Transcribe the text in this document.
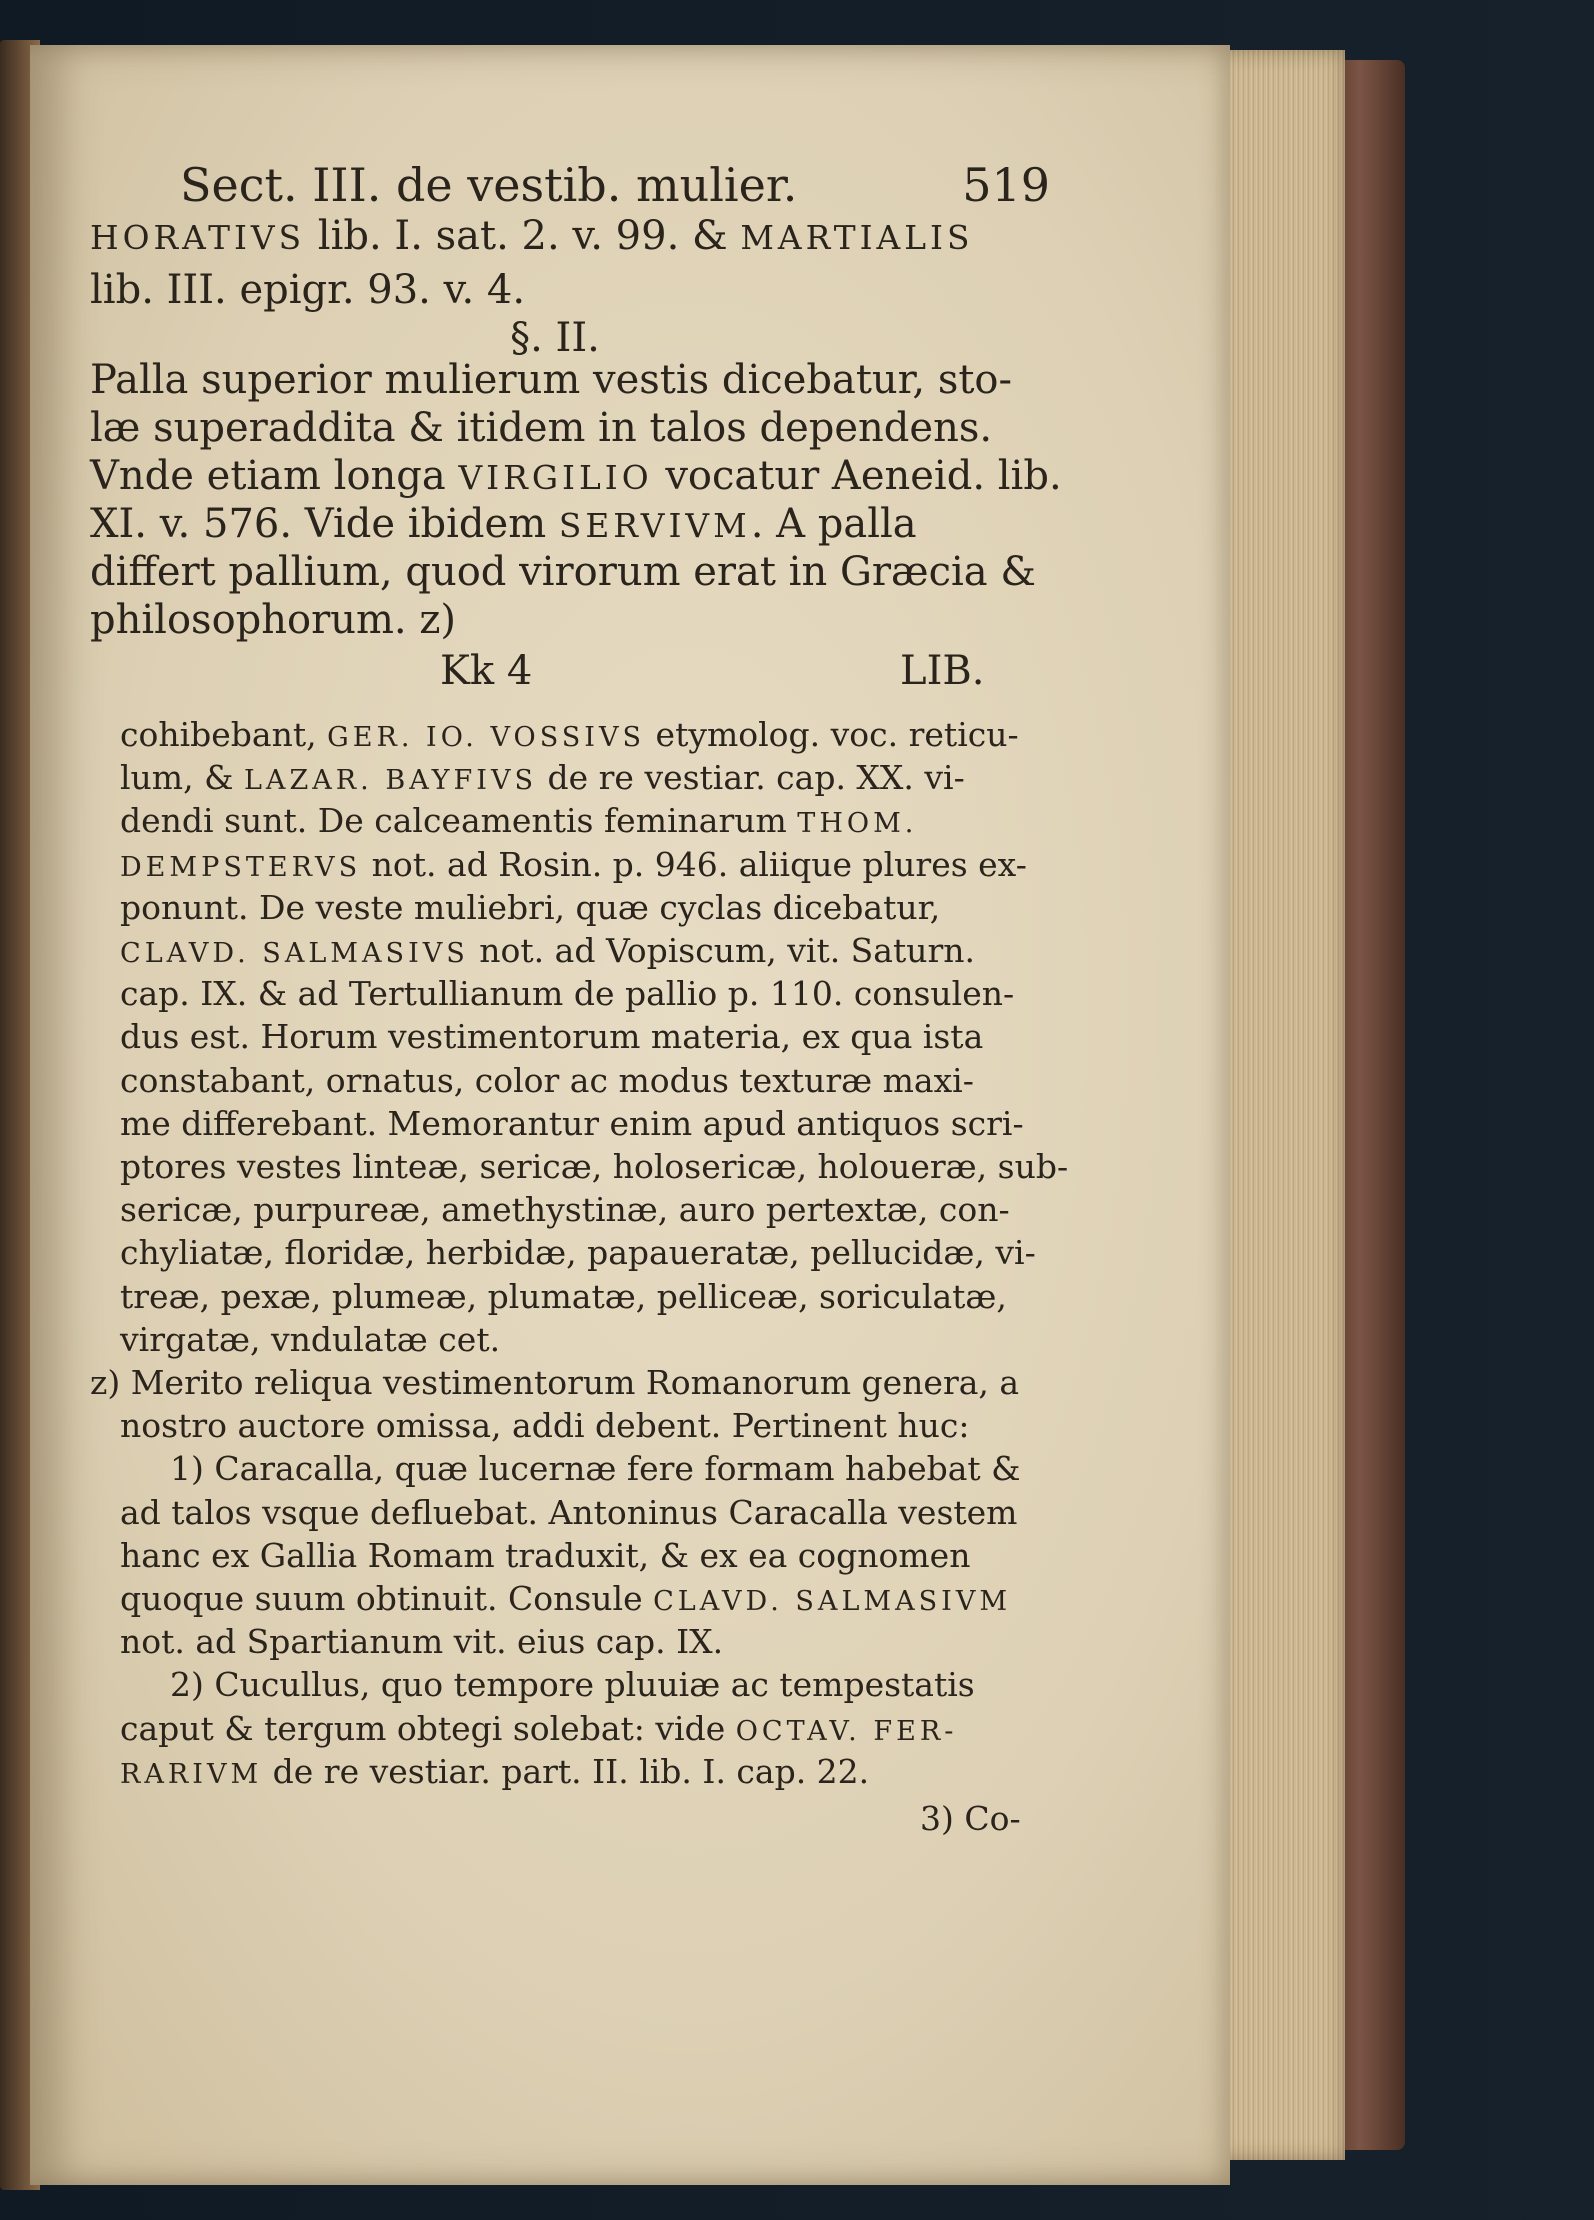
Sect. III. de vestib. mulier.	519
HORATIVS lib. I. sat. 2. v. 99. & MARTIALIS
lib. III. epigr. 93. v. 4.
§. II.
Palla superior mulierum vestis dicebatur, sto-
læ superaddita & itidem in talos dependens.
Vnde etiam longa VIRGILIO vocatur Aeneid. lib.
XI. v. 576. Vide ibidem SERVIVM. A palla
differt pallium, quod virorum erat in Græcia &
philosophorum. z)
Kk 4	LIB.
cohibebant, GER. IO. VOSSIVS etymolog. voc. reticu-
lum, & LAZAR. BAYFIVS de re vestiar. cap. XX. vi-
dendi sunt. De calceamentis feminarum THOM.
DEMPSTERVS not. ad Rosin. p. 946. aliique plures ex-
ponunt. De veste muliebri, quæ cyclas dicebatur,
CLAVD. SALMASIVS not. ad Vopiscum, vit. Saturn.
cap. IX. & ad Tertullianum de pallio p. 110. consulen-
dus est. Horum vestimentorum materia, ex qua ista
constabant, ornatus, color ac modus texturæ maxi-
me differebant. Memorantur enim apud antiquos scri-
ptores vestes linteæ, sericæ, holosericæ, holoueræ, sub-
sericæ, purpureæ, amethystinæ, auro pertextæ, con-
chyliatæ, floridæ, herbidæ, papaueratæ, pellucidæ, vi-
treæ, pexæ, plumeæ, plumatæ, pelliceæ, soriculatæ,
virgatæ, vndulatæ cet.
z) Merito reliqua vestimentorum Romanorum genera, a
nostro auctore omissa, addi debent. Pertinent huc:
1) Caracalla, quæ lucernæ fere formam habebat &
ad talos vsque defluebat. Antoninus Caracalla vestem
hanc ex Gallia Romam traduxit, & ex ea cognomen
quoque suum obtinuit. Consule CLAVD. SALMASIVM
not. ad Spartianum vit. eius cap. IX.
2) Cucullus, quo tempore pluuiæ ac tempestatis
caput & tergum obtegi solebat: vide OCTAV. FER-
RARIVM de re vestiar. part. II. lib. I. cap. 22.
3) Co-
